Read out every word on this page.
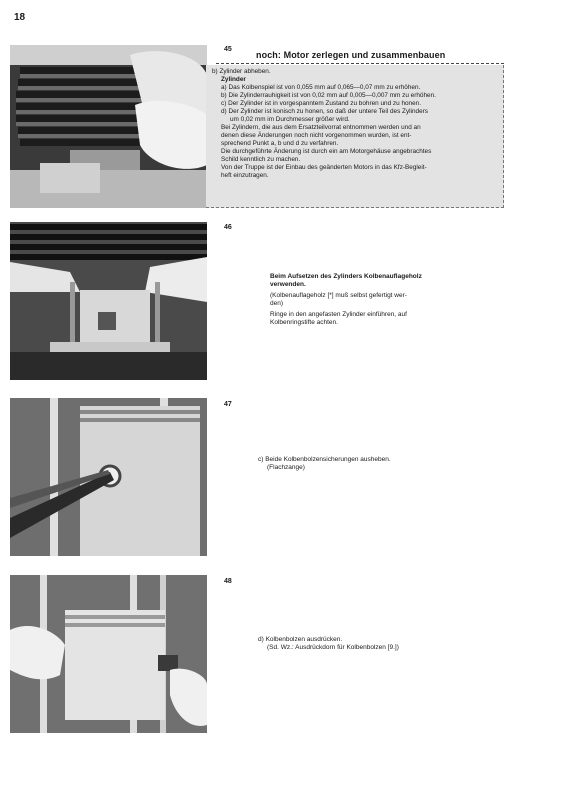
18
45
46
47
48
noch: Motor zerlegen und zusammenbauen

b) Zylinder abheben.

Zylinder

a) Das Kolbenspiel ist von 0,055 mm auf 0,065—0,07 mm zu erhöhen.

b) Die Zylinderrauhigkeit ist von 0,02 mm auf 0,005—0,007 mm zu erhöhen.

c) Der Zylinder ist in vorgespanntem Zustand zu bohren und zu honen.

d) Der Zylinder ist konisch zu honen, so daß der untere Teil des Zylinders

um 0,02 mm im Durchmesser größer wird.

Bei Zylindern, die aus dem Ersatzteilvorrat entnommen werden und an

denen diese Änderungen noch nicht vorgenommen wurden, ist ent-

sprechend Punkt a, b und d zu verfahren.

Die durchgeführte Änderung ist durch ein am Motorgehäuse angebrachtes

Schild kenntlich zu machen.

Von der Truppe ist der Einbau des geänderten Motors in das Kfz-Begleit-

heft einzutragen.

Beim Aufsetzen des Zylinders Kolbenauflageholz

verwenden.

(Kolbenauflageholz [*] muß selbst gefertigt wer-

den)

Ringe in den angefasten Zylinder einführen, auf

Kolbenringstifte achten.

c) Beide Kolbenbolzensicherungen ausheben.

(Flachzange)

d) Kolbenbolzen ausdrücken.

(Sd. Wz.: Ausdrückdorn für Kolbenbolzen [9.])
